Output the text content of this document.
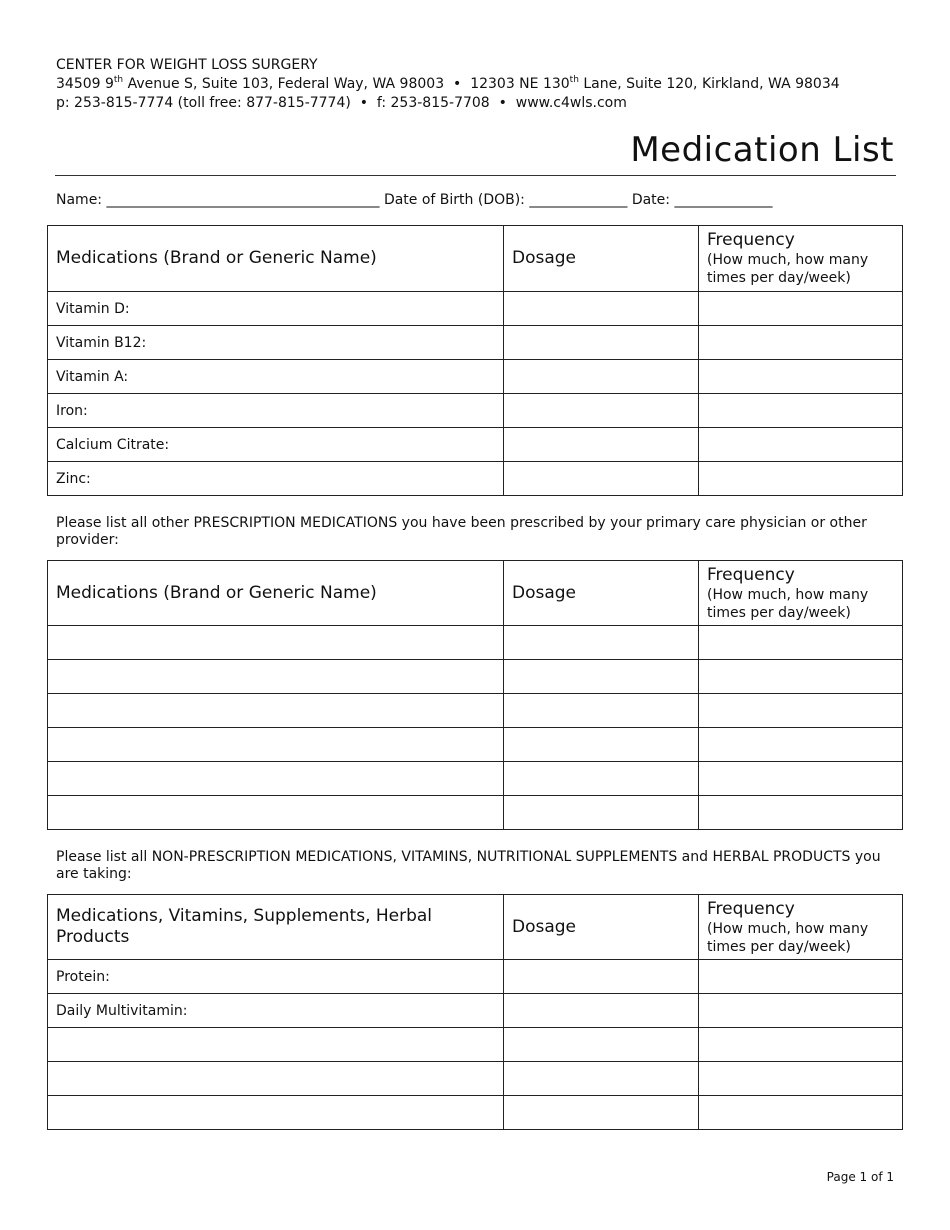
CENTER FOR WEIGHT LOSS SURGERY
34509 9th Avenue S, Suite 103, Federal Way, WA 98003 • 12303 NE 130th Lane, Suite 120, Kirkland, WA 98034
p: 253-815-7774 (toll free: 877-815-7774) • f: 253-815-7708 • www.c4wls.com
Medication List
Name: _______________________________________ Date of Birth (DOB): ______________ Date: ______________
Medications (Brand or Generic Name)	Dosage	Frequency
(How much, how many times per day/week)

Vitamin D:		
Vitamin B12:		
Vitamin A:		
Iron:		
Calcium Citrate:		
Zinc:		
Please list all other PRESCRIPTION MEDICATIONS you have been prescribed by your primary care physician or other provider:
Medications (Brand or Generic Name)	Dosage	Frequency
(How much, how many times per day/week)

Please list all NON-PRESCRIPTION MEDICATIONS, VITAMINS, NUTRITIONAL SUPPLEMENTS and HERBAL PRODUCTS you are taking:
Medications, Vitamins, Supplements, Herbal Products	Dosage	Frequency
(How much, how many times per day/week)

Protein:		
Daily Multivitamin:		

Page 1 of 1
